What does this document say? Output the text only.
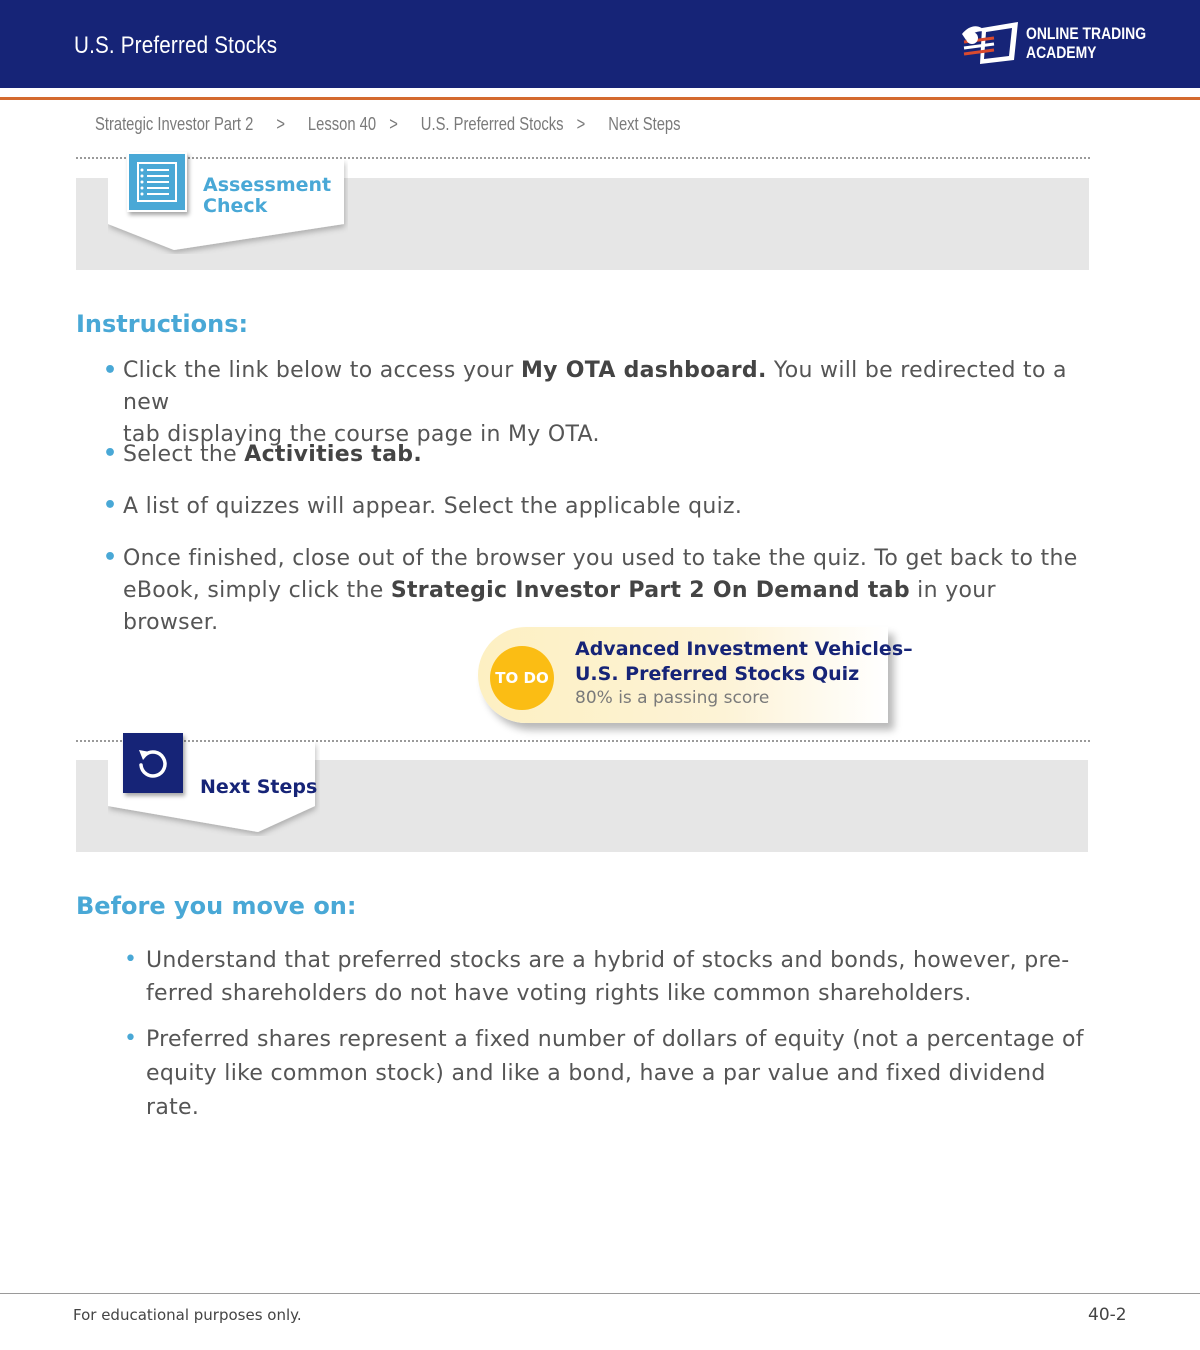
U.S. Preferred Stocks	ONLINE TRADING
ACADEMY
Strategic Investor Part 2 > Lesson 40 > U.S. Preferred Stocks > Next Steps
Assessment
Check
Instructions:
• Click the link below to access your My OTA dashboard. You will be redirected to a new
tab displaying the course page in My OTA.
• Select the Activities tab.
• A list of quizzes will appear. Select the applicable quiz.
• Once finished, close out of the browser you used to take the quiz. To get back to the
eBook, simply click the Strategic Investor Part 2 On Demand tab in your browser.
TO DO
Advanced Investment Vehicles–
U.S. Preferred Stocks Quiz
80% is a passing score
Next Steps
Before you move on:
• Understand that preferred stocks are a hybrid of stocks and bonds, however, pre-
ferred shareholders do not have voting rights like common shareholders.
• Preferred shares represent a fixed number of dollars of equity (not a percentage of
equity like common stock) and like a bond, have a par value and fixed dividend rate.
For educational purposes only.	40-2
